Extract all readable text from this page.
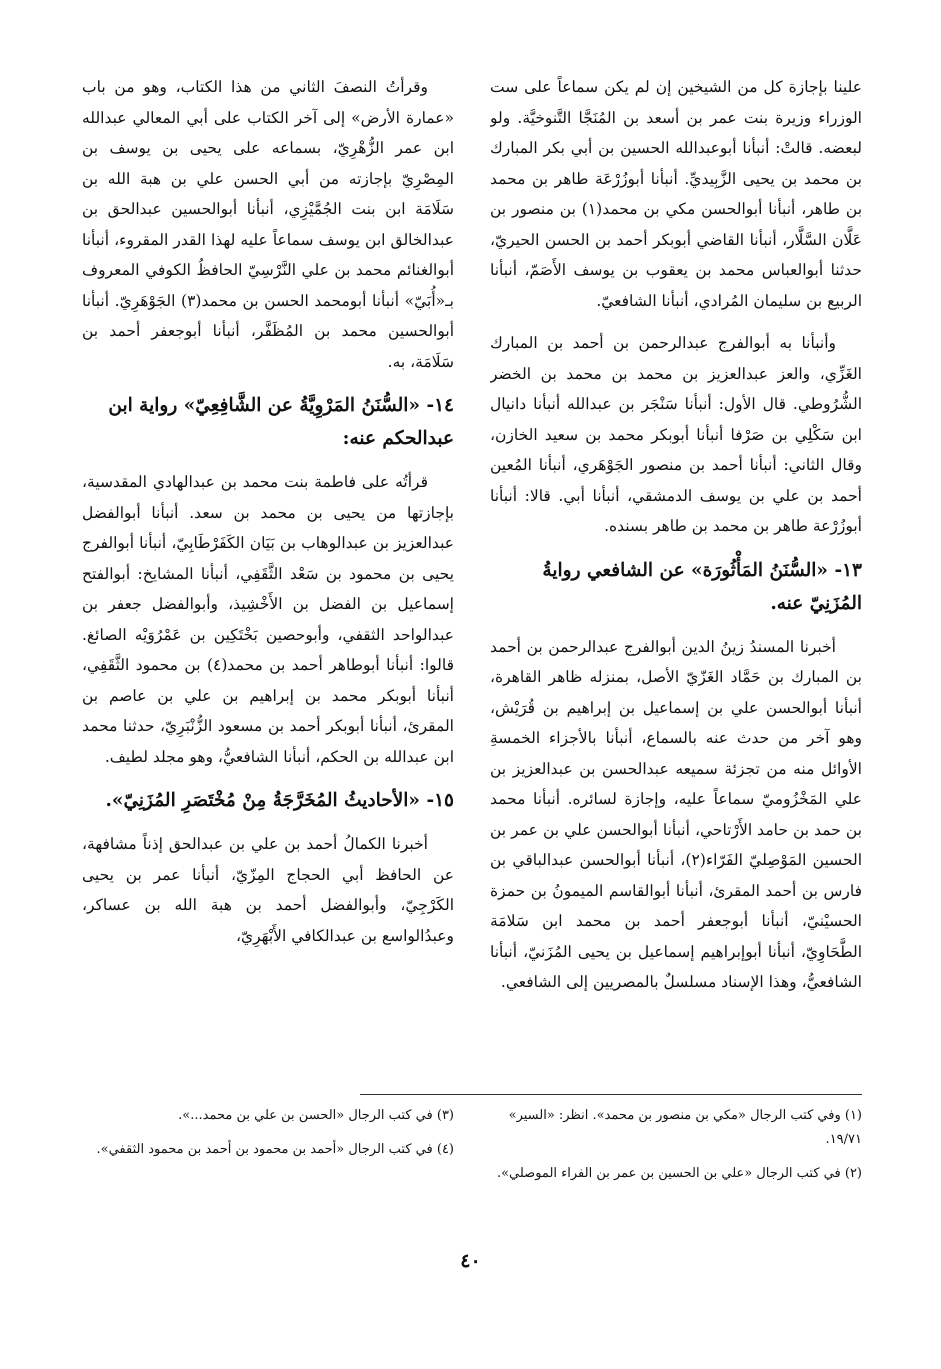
علينا بإجازة كل من الشيخين إن لم يكن سماعاً على ست الوزراء وزيرة بنت عمر بن أسعد بن المُنَجَّا التَّنوخيَّة. ولو لبعضه. قالتْ: أنبأنا أبوعبدالله الحسين بن أبي بكر المبارك بن محمد بن يحيى الزَّبِيديِّ. أنبأنا أبوزُرْعَة طاهر بن محمد بن طاهر، أنبأنا أبوالحسن مكي بن محمد(١) بن منصور بن عَلَّان السَّلَّار، أنبأنا القاضي أبوبكر أحمد بن الحسن الحيريّ، حدثنا أبوالعباس محمد بن يعقوب بن يوسف الأَصَمّ، أنبأنا الربيع بن سليمان المُرادي، أنبأنا الشافعيّ.

وأنبأنا به أبوالفرج عبدالرحمن بن أحمد بن المبارك الغَزِّي، والعز عبدالعزيز بن محمد بن محمد بن الخضر الشُّرُوطي. قال الأول: أنبأنا سَنْجَر بن عبدالله أنبأنا دانيال ابن سَكْلِي بن صَرْفا أنبأنا أبوبكر محمد بن سعيد الخازن، وقال الثاني: أنبأنا أحمد بن منصور الجَوْهَري، أنبأنا المُعين أحمد بن علي بن يوسف الدمشقي، أنبأنا أبي. قالا: أنبأنا أبوزُرْعة طاهر بن محمد بن طاهر بسنده.

١٣- «السُّنَنُ المَأْثُورَة» عن الشافعي روايةُ المُزَنِيّ عنه.

أخبرنا المسندُ زينُ الدين أبوالفرج عبدالرحمن بن أحمد بن المبارك بن حَمَّاد الغَزّيّ الأصل، بمنزله ظاهر القاهرة، أنبأنا أبوالحسن علي بن إسماعيل بن إبراهيم بن قُرَيْش، وهو آخر من حدث عنه بالسماع، أنبأنا بالأجزاء الخمسةِ الأوائل منه من تجزئة سميعه عبدالحسن بن عبدالعزيز بن علي المَخْزُوميّ سماعاً عليه، وإجازة لسائره. أنبأنا محمد بن حمد بن حامد الأَرْتاحي، أنبأنا أبوالحسن علي بن عمر بن الحسين المَوْصِليّ الفَرّاء(٢)، أنبأنا أبوالحسن عبدالباقي بن فارس بن أحمد المقرئ، أنبأنا أبوالقاسم الميمونُ بن حمزة الحسيْنيّ، أنبأنا أبوجعفر أحمد بن محمد ابن سَلامَة الطَّحَاوِيّ، أنبأنا أبوإبراهيم إسماعيل بن يحيى المُزَنيّ، أنبأنا الشافعيُّ، وهذا الإسناد مسلسلٌ بالمصريين إلى الشافعي.

وقرأتُ النصفَ الثاني من هذا الكتاب، وهو من باب «عمارة الأرض» إلى آخر الكتاب على أبي المعالي عبدالله ابن عمر الزُّهْرِيّ، بسماعه على يحيى بن يوسف بن المِصْرِيّ بإجازته من أبي الحسن علي بن هبة الله بن سَلَامَة ابن بنت الجُمَّيْزِي، أنبأنا أبوالحسين عبدالحق بن عبدالخالق ابن يوسف سماعاً عليه لهذا القدر المقروء، أنبأنا أبوالغنائم محمد بن علي النَّرْسِيّ الحافظُ الكوفي المعروف بـ«أُبَيّ» أنبأنا أبومحمد الحسن بن محمد(٣) الجَوْهَرِيّ. أنبأنا أبوالحسين محمد بن المُظَفَّر، أنبأنا أبوجعفر أحمد بن سَلَامَة، به.

١٤- «السُّنَنُ المَرْوِيَّةُ عن الشَّافِعِيّ» رواية ابن عبدالحكم عنه:

قرأتُه على فاطمة بنت محمد بن عبدالهادي المقدسية، بإجازتها من يحيى بن محمد بن سعد. أنبأنا أبوالفضل عبدالعزيز بن عبدالوهاب بن بَيَان الكَفَرْطَابِيّ، أنبأنا أبوالفرج يحيى بن محمود بن سَعْد الثَّقَفِي، أنبأنا المشايخ: أبوالفتح إسماعيل بن الفضل بن الأَخْشِيذ، وأبوالفضل جعفر بن عبدالواحد الثقفي، وأبوحصين بَخْتَكِين بن عَمْرُوَيْه الصائغ. قالوا: أنبأنا أبوطاهر أحمد بن محمد(٤) بن محمود الثَّقَفِي، أنبأنا أبوبكر محمد بن إبراهيم بن علي بن عاصم بن المقرئ، أنبأنا أبوبكر أحمد بن مسعود الزُّنْبَرِيّ، حدثنا محمد ابن عبدالله بن الحكم، أنبأنا الشافعيُّ، وهو مجلد لطيف.

١٥- «الأحاديثُ المُخَرَّجَةُ مِنْ مُخْتَصَرِ المُزَنِيّ».

أخبرنا الكمالُ أحمد بن علي بن عبدالحق إذناً مشافهة، عن الحافظ أبي الحجاج المِزّيّ، أنبأنا عمر بن يحيى الكَرْجِيّ، وأبوالفضل أحمد بن هبة الله بن عساكر، وعبدُالواسع بن عبدالكافي الأَبْهَرِيّ،

(١) وفي كتب الرجال «مكي بن منصور بن محمد». انظر: «السير» ١٩/٧١.

(٢) في كتب الرجال «علي بن الحسين بن عمر بن الفراء الموصلي».

(٣) في كتب الرجال «الحسن بن علي بن محمد...».

(٤) في كتب الرجال «أحمد بن محمود بن أحمد بن محمود الثقفي».

٤٠
